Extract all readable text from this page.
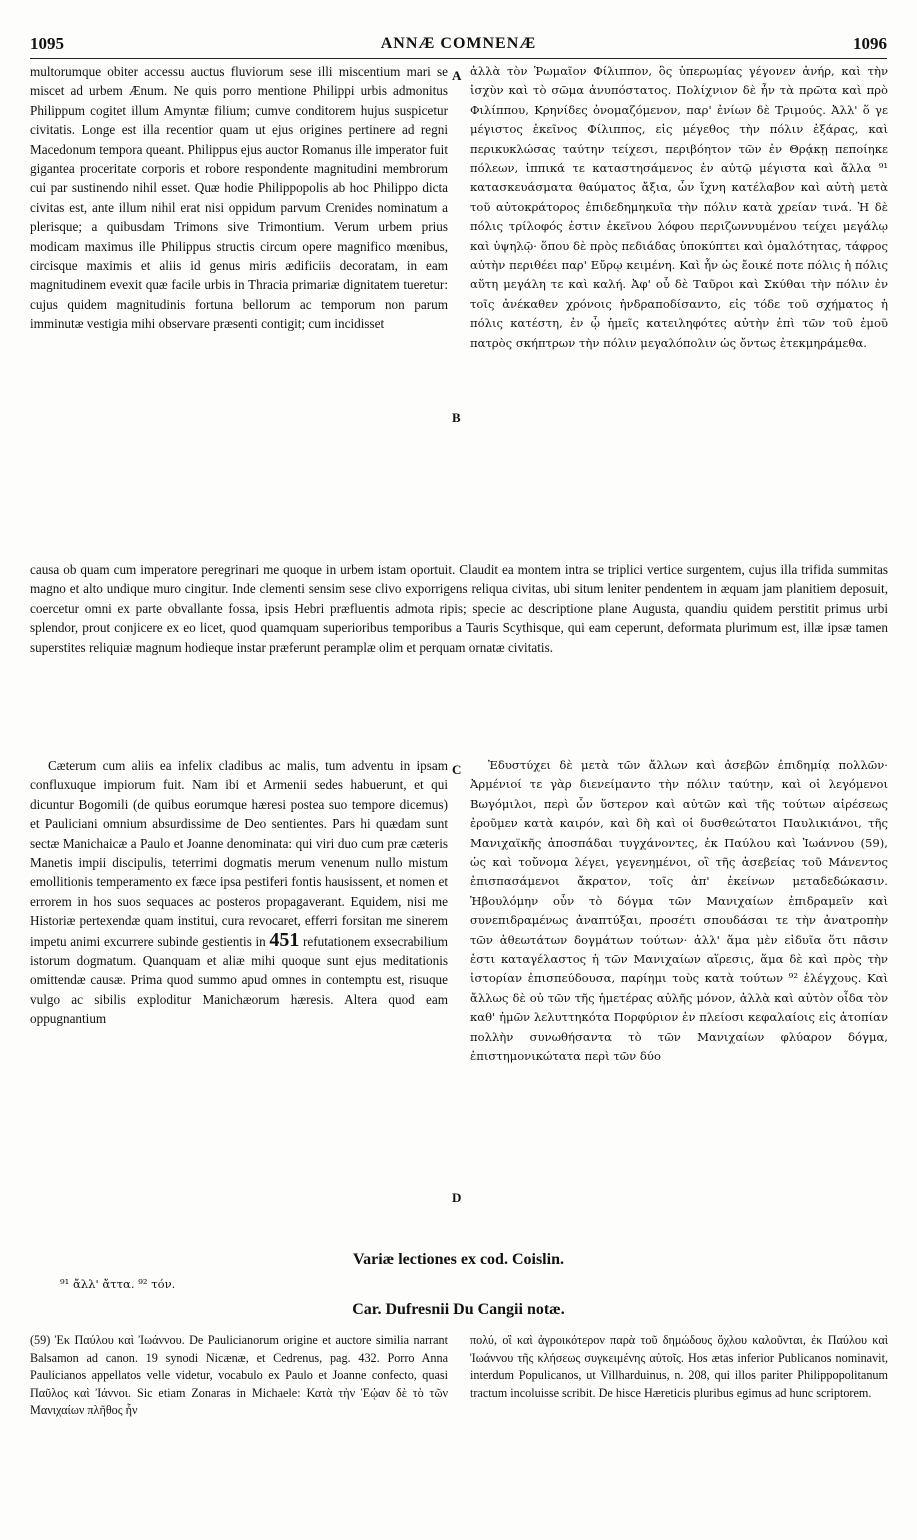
1095	ANNÆ COMNENÆ	1096

multorumque obiter accessu auctus fluviorum sese illi miscentium mari se miscet ad urbem Ænum. Ne quis porro mentione Philippi urbis admonitus Philippum cogitet illum Amyntæ filium; cumve conditorem hujus suspicetur civitatis. Longe est illa recentior quam ut ejus origines pertinere ad regni Macedonum tempora queant. Philippus ejus auctor Romanus ille imperator fuit gigantea proceritate corporis et robore respondente magnitudini membrorum cui par sustinendo nihil esset. Quæ hodie Philippopolis ab hoc Philippo dicta civitas est, ante illum nihil erat nisi oppidum parvum Crenides nominatum a plerisque; a quibusdam Trimons sive Trimontium. Verum urbem prius modicam maximus ille Philippus structis circum opere magnifico mœnibus, circisque maximis et aliis id genus miris ædificiis decoratam, in eam magnitudinem evexit quæ facile urbis in Thracia primariæ dignitatem tueretur: cujus quidem magnitudinis fortuna bellorum ac temporum non parum imminutæ vestigia mihi observare præsenti contigit; cum incidisset

ἀλλὰ τὸν Ῥωμαῖον Φίλιππον, ὃς ὑπερωμίας γέγονεν ἀνήρ, καὶ τὴν ἰσχὺν καὶ τὸ σῶμα ἀνυπόστατος. Πολίχνιον δὲ ἦν τὰ πρῶτα καὶ πρὸ Φιλίππου, Κρηνίδες ὀνομαζόμενον, παρ' ἐνίων δὲ Τριμούς. Ἀλλ' ὅ γε μέγιστος ἐκεῖνος Φίλιππος, εἰς μέγεθος τὴν πόλιν ἐξάρας, καὶ περικυκλώσας ταύτην τείχεσι, περιβόητον τῶν ἐν Θρᾴκῃ πεποίηκε πόλεων, ἱππικά τε καταστησάμενος ἐν αὐτῷ μέγιστα καὶ ἄλλα ⁹¹ κατασκευάσματα θαύματος ἄξια, ὧν ἴχνη κατέλαβον καὶ αὐτὴ μετὰ τοῦ αὐτοκράτορος ἐπιδεδημηκυῖα τὴν πόλιν κατὰ χρείαν τινά. Ἡ δὲ πόλις τρίλοφός ἐστιν ἐκεῖνου λόφου περιζωννυμένου τείχει μεγάλῳ καὶ ὑψηλῷ· ὅπου δὲ πρὸς πεδιάδας ὑποκύπτει καὶ ὁμαλότητας, τάφρος αὐτὴν περιθέει παρ' Εὔρῳ κειμένη. Καὶ ἦν ὡς ἔοικέ ποτε πόλις ἡ πόλις αὕτη μεγάλη τε καὶ καλή. Ἀφ' οὗ δὲ Ταῦροι καὶ Σκύθαι τὴν πόλιν ἐν τοῖς ἀνέκαθεν χρόνοις ἠνδραποδίσαντο, εἰς τόδε τοῦ σχήματος ἡ πόλις κατέστη, ἐν ᾧ ἡμεῖς κατειληφότες αὐτὴν ἐπὶ τῶν τοῦ ἐμοῦ πατρὸς σκήπτρων τὴν πόλιν μεγαλόπολιν ὡς ὄντως ἐτεκμηράμεθα.

A
B

causa ob quam cum imperatore peregrinari me quoque in urbem istam oportuit. Claudit ea montem intra se triplici vertice surgentem, cujus illa trifida summitas magno et alto undique muro cingitur. Inde clementi sensim sese clivo exporrigens reliqua civitas, ubi situm leniter pendentem in æquam jam planitiem deposuit, coercetur omni ex parte obvallante fossa, ipsis Hebri præfluentis admota ripis; specie ac descriptione plane Augusta, quandiu quidem perstitit primus urbi splendor, prout conjicere ex eo licet, quod quamquam superioribus temporibus a Tauris Scythisque, qui eam ceperunt, deformata plurimum est, illæ ipsæ tamen superstites reliquiæ magnum hodieque instar præferunt peramplæ olim et perquam ornatæ civitatis.

Cæterum cum aliis ea infelix cladibus ac malis, tum adventu in ipsam confluxuque impiorum fuit. Nam ibi et Armenii sedes habuerunt, et qui dicuntur Bogomili (de quibus eorumque hæresi postea suo tempore dicemus) et Pauliciani omnium absurdissime de Deo sentientes. Pars hi quædam sunt sectæ Manichaicæ a Paulo et Joanne denominata: qui viri duo cum præ cæteris Manetis impii discipulis, teterrimi dogmatis merum venenum nullo mistum emollitionis temperamento ex fæce ipsa pestiferi fontis hausissent, et nomen et errorem in hos suos sequaces ac posteros propagaverant. Equidem, nisi me Historiæ pertexendæ quam institui, cura revocaret, efferri forsitan me sinerem impetu animi excurrere subinde gestientis in 451 refutationem exsecrabilium istorum dogmatum. Quanquam et aliæ mihi quoque sunt ejus meditationis omittendæ causæ. Prima quod summo apud omnes in contemptu est, risuque vulgo ac sibilis exploditur Manichæorum hæresis. Altera quod eam oppugnantium

Ἐδυστύχει δὲ μετὰ τῶν ἄλλων καὶ ἀσεβῶν ἐπιδημίᾳ πολλῶν· Ἀρμένιοί τε γὰρ διενείμαντο τὴν πόλιν ταύτην, καὶ οἱ λεγόμενοι Βωγόμιλοι, περὶ ὧν ὕστερον καὶ αὐτῶν καὶ τῆς τούτων αἱρέσεως ἐροῦμεν κατὰ καιρόν, καὶ δὴ καὶ οἱ δυσθεώτατοι Παυλικιάνοι, τῆς Μανιχαϊκῆς ἀποσπάδαι τυγχάνοντες, ἐκ Παύλου καὶ Ἰωάννου (59), ὡς καὶ τοὔνομα λέγει, γεγενημένοι, οἳ τῆς ἀσεβείας τοῦ Μάνεντος ἐπισπασάμενοι ἄκρατον, τοῖς ἀπ' ἐκείνων μεταδεδώκασιν. Ἠβουλόμην οὖν τὸ δόγμα τῶν Μανιχαίων ἐπιδραμεῖν καὶ συνεπιδραμένως ἀναπτύξαι, προσέτι σπουδάσαι τε τὴν ἀνατροπὴν τῶν ἀθεωτάτων δογμάτων τούτων· ἀλλ' ἅμα μὲν εἰδυῖα ὅτι πᾶσιν ἐστι καταγέλαστος ἡ τῶν Μανιχαίων αἵρεσις, ἅμα δὲ καὶ πρὸς τὴν ἱστορίαν ἐπισπεύδουσα, παρίημι τοὺς κατὰ τούτων ⁹² ἐλέγχους. Καὶ ἄλλως δὲ οὐ τῶν τῆς ἡμετέρας αὐλῆς μόνον, ἀλλὰ καὶ αὐτὸν οἶδα τὸν καθ' ἡμῶν λελυττηκότα Πορφύριον ἐν πλείοσι κεφαλαίοις εἰς ἀτοπίαν πολλὴν συνωθήσαντα τὸ τῶν Μανιχαίων φλύαρον δόγμα, ἐπιστημονικώτατα περὶ τῶν δύο

C
D
Variæ lectiones ex cod. Coislin.
⁹¹ ἄλλ' ἄττα. ⁹² τόν.
Car. Dufresnii Du Cangii notæ.

(59) Ἐκ Παύλου καὶ Ἰωάννου. De Paulicianorum origine et auctore similia narrant Balsamon ad canon. 19 synodi Nicænæ, et Cedrenus, pag. 432. Porro Anna Paulicianos appellatos velle videtur, vocabulo ex Paulo et Joanne confecto, quasi Παῦλος καὶ Ἰάννοι. Sic etiam Zonaras in Michaele: Κατὰ τὴν Ἑῴαν δὲ τὸ τῶν Μανιχαίων πλῆθος ἦν

πολύ, οἳ καὶ ἀγροικότερον παρὰ τοῦ δημώδους ὄχλου καλοῦνται, ἐκ Παύλου καὶ Ἰωάννου τῆς κλήσεως συγκειμένης αὐτοῖς. Hos ætas inferior Publicanos nominavit, interdum Populicanos, ut Villharduinus, n. 208, qui illos pariter Philippopolitanum tractum incoluisse scribit. De hisce Hæreticis pluribus egimus ad hunc scriptorem.
